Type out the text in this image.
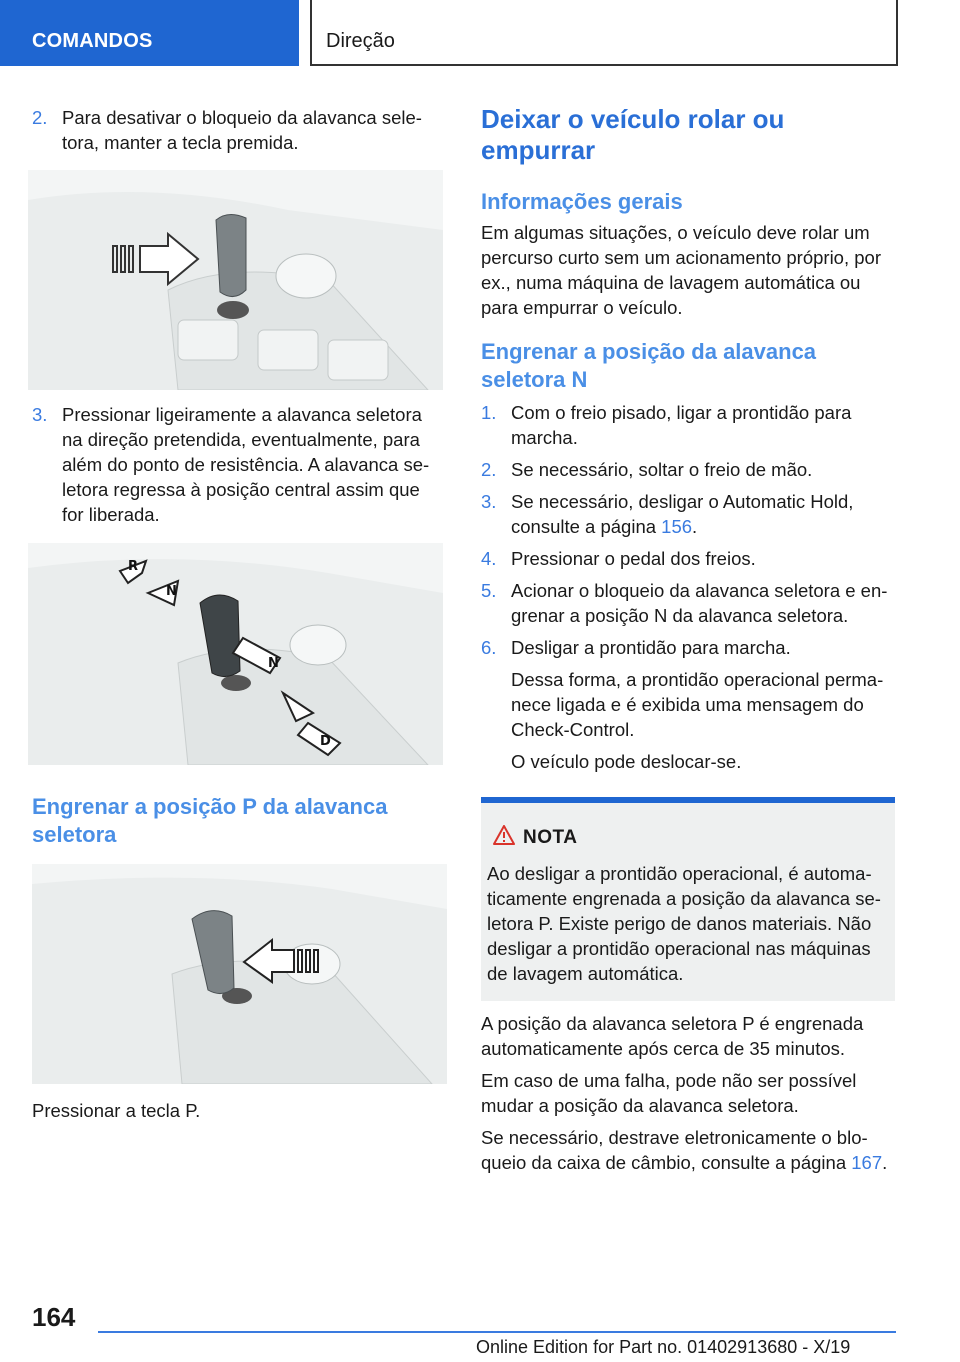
COMANDOS	Direção
2. Para desativar o bloqueio da alavanca sele-tora, manter a tecla premida.
3. Pressionar ligeiramente a alavanca seletora na direção pretendida, eventualmente, para além do ponto de resistência. A alavanca se-letora regressa à posição central assim que for liberada.
R
N
N
D
Engrenar a posição P da alavanca seletora

Pressionar a tecla P.

Deixar o veículo rolar ou empurrar
Informações gerais

Em algumas situações, o veículo deve rolar um percurso curto sem um acionamento próprio, por ex., numa máquina de lavagem automática ou para empurrar o veículo.

Engrenar a posição da alavanca seletora N
1. Com o freio pisado, ligar a prontidão para marcha.
2. Se necessário, soltar o freio de mão.
3. Se necessário, desligar o Automatic Hold, consulte a página 156.
4. Pressionar o pedal dos freios.
5. Acionar o bloqueio da alavanca seletora e en-grenar a posição N da alavanca seletora.
6. Desligar a prontidão para marcha.

Dessa forma, a prontidão operacional perma-nece ligada e é exibida uma mensagem do Check-Control.

O veículo pode deslocar-se.

NOTA

Ao desligar a prontidão operacional, é automa-ticamente engrenada a posição da alavanca se-letora P. Existe perigo de danos materiais. Não desligar a prontidão operacional nas máquinas de lavagem automática.

A posição da alavanca seletora P é engrenada automaticamente após cerca de 35 minutos.

Em caso de uma falha, pode não ser possível mudar a posição da alavanca seletora.

Se necessário, destrave eletronicamente o blo-queio da caixa de câmbio, consulte a página 167.

164
Online Edition for Part no. 01402913680 - X/19
